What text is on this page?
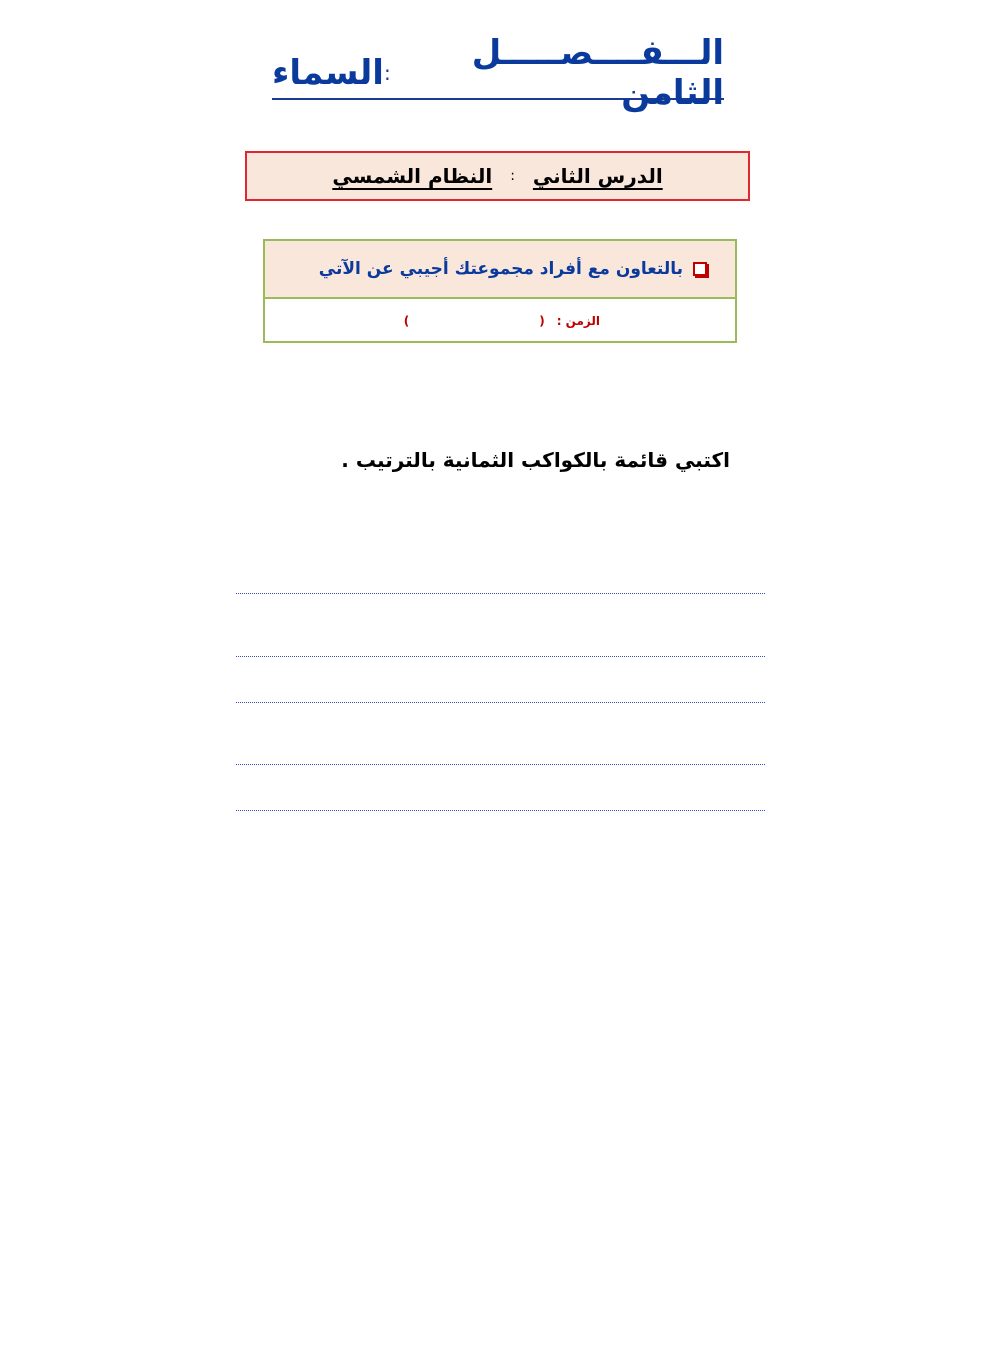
الـــفــــصـــــل الثامن
:
السماء
الدرس الثاني
:
النظام الشمسي
بالتعاون مع أفراد مجموعتك أجيبي عن الآتي
الزمن :
(
)
اكتبي قائمة بالكواكب الثمانية بالترتيب .
